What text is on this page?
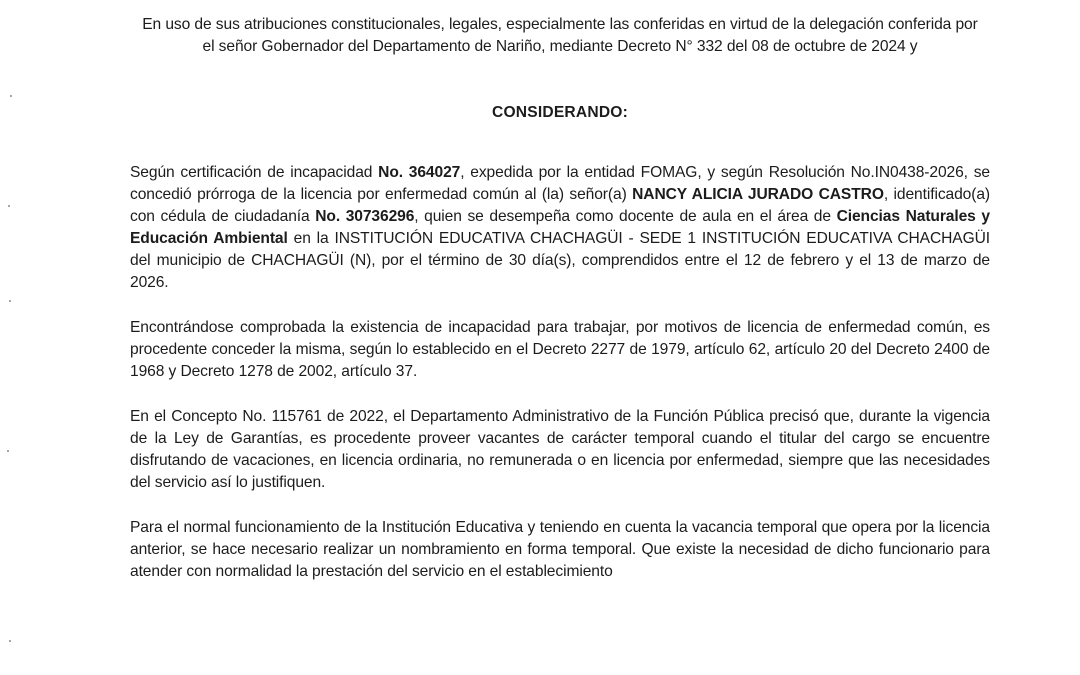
En uso de sus atribuciones constitucionales, legales, especialmente las conferidas en virtud de la delegación conferida por el señor Gobernador del Departamento de Nariño, mediante Decreto N° 332 del 08 de octubre de 2024 y
CONSIDERANDO:

Según certificación de incapacidad No. 364027, expedida por la entidad FOMAG, y según Resolución No.IN0438-2026, se concedió prórroga de la licencia por enfermedad común al (la) señor(a) NANCY ALICIA JURADO CASTRO, identificado(a) con cédula de ciudadanía No. 30736296, quien se desempeña como docente de aula en el área de Ciencias Naturales y Educación Ambiental en la INSTITUCIÓN EDUCATIVA CHACHAGÜI - SEDE 1 INSTITUCIÓN EDUCATIVA CHACHAGÜI del municipio de CHACHAGÜI (N), por el término de 30 día(s), comprendidos entre el 12 de febrero y el 13 de marzo de 2026.

Encontrándose comprobada la existencia de incapacidad para trabajar, por motivos de licencia de enfermedad común, es procedente conceder la misma, según lo establecido en el Decreto 2277 de 1979, artículo 62, artículo 20 del Decreto 2400 de 1968 y Decreto 1278 de 2002, artículo 37.

En el Concepto No. 115761 de 2022, el Departamento Administrativo de la Función Pública precisó que, durante la vigencia de la Ley de Garantías, es procedente proveer vacantes de carácter temporal cuando el titular del cargo se encuentre disfrutando de vacaciones, en licencia ordinaria, no remunerada o en licencia por enfermedad, siempre que las necesidades del servicio así lo justifiquen.

Para el normal funcionamiento de la Institución Educativa y teniendo en cuenta la vacancia temporal que opera por la licencia anterior, se hace necesario realizar un nombramiento en forma temporal. Que existe la necesidad de dicho funcionario para atender con normalidad la prestación del servicio en el establecimiento
